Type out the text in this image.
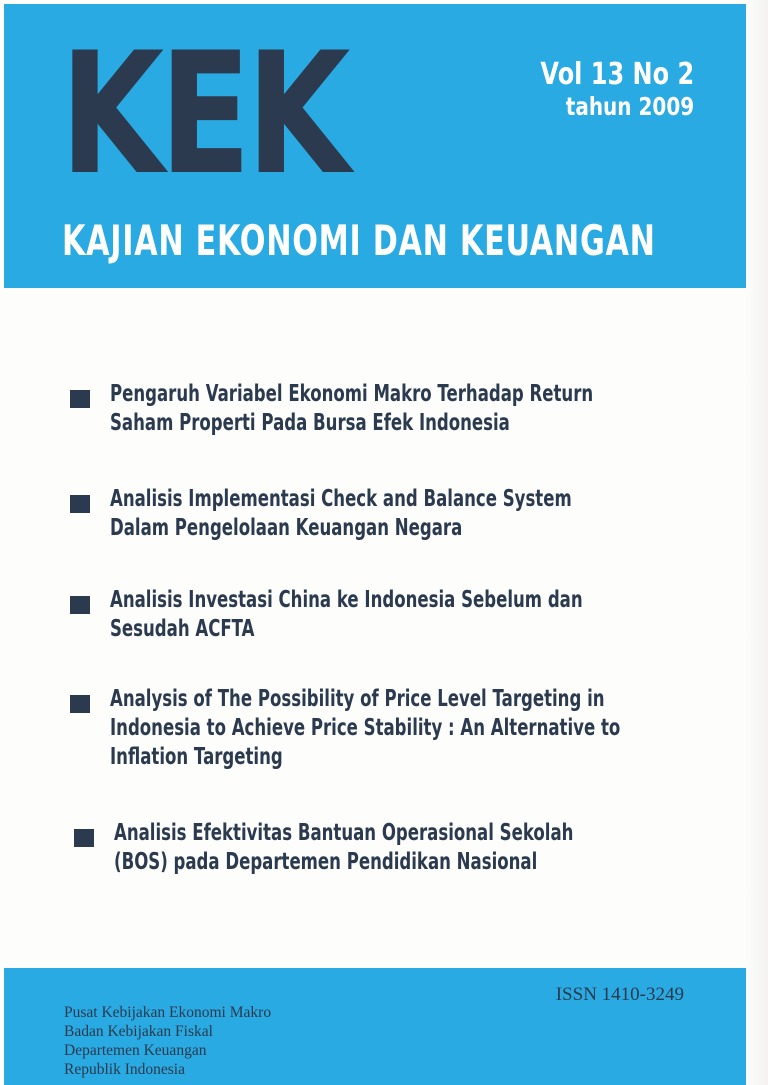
KEK	Vol 13 No 2
tahun 2009
KAJIAN EKONOMI DAN KEUANGAN
Pengaruh Variabel Ekonomi Makro Terhadap Return
Saham Properti Pada Bursa Efek Indonesia
Analisis Implementasi Check and Balance System
Dalam Pengelolaan Keuangan Negara
Analisis Investasi China ke Indonesia Sebelum dan
Sesudah ACFTA
Analysis of The Possibility of Price Level Targeting in
Indonesia to Achieve Price Stability : An Alternative to
Inflation Targeting
Analisis Efektivitas Bantuan Operasional Sekolah
(BOS) pada Departemen Pendidikan Nasional
ISSN 1410-3249
Pusat Kebijakan Ekonomi Makro
Badan Kebijakan Fiskal
Departemen Keuangan
Republik Indonesia
